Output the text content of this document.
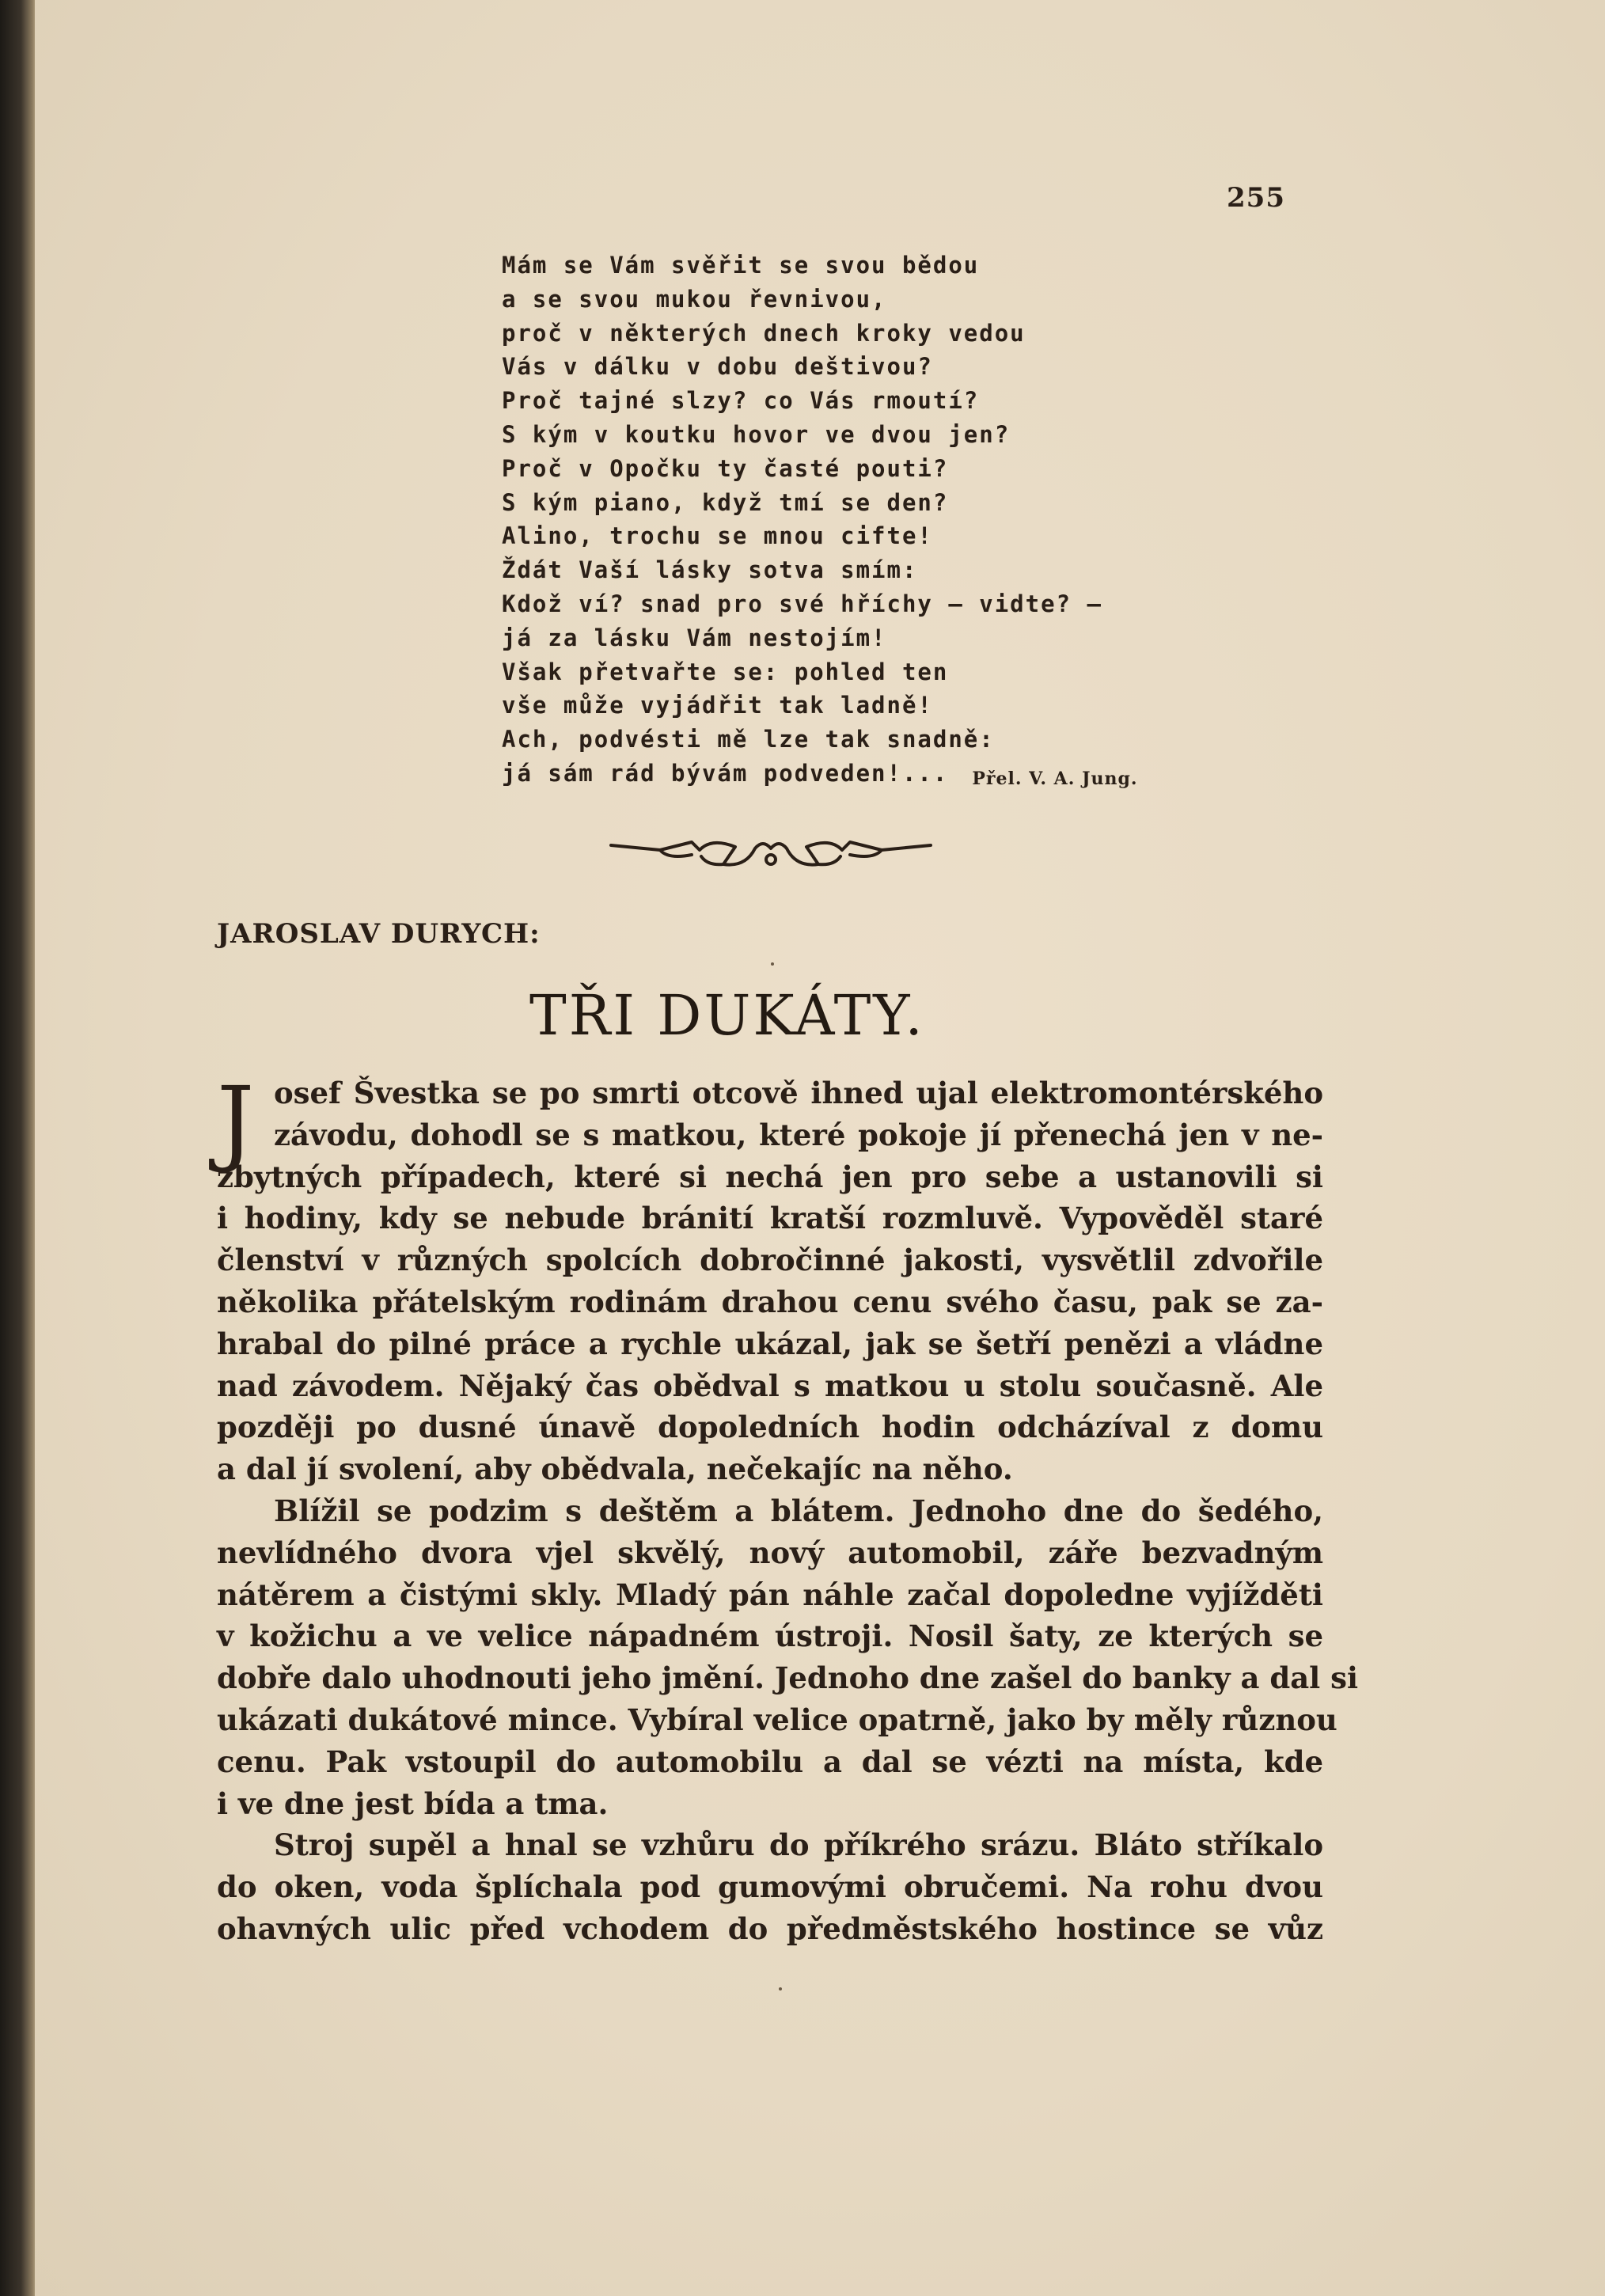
255
Mám se Vám svěřit se svou bědou
a se svou mukou řevnivou,
proč v některých dnech kroky vedou
Vás v dálku v dobu deštivou?
Proč tajné slzy? co Vás rmoutí?
S kým v koutku hovor ve dvou jen?
Proč v Opočku ty časté pouti?
S kým piano, když tmí se den?
Alino, trochu se mnou cifte!
Ždát Vaší lásky sotva smím:
Kdož ví? snad pro své hříchy — vidte? —
já za lásku Vám nestojím!
Však přetvařte se: pohled ten
vše může vyjádřit tak ladně!
Ach, podvésti mě lze tak snadně:
já sám rád bývám podveden!... Přel. V. A. Jung.
JAROSLAV DURYCH:
TŘI DUKÁTY.
J osef Švestka se po smrti otcově ihned ujal elektromontérského
závodu, dohodl se s matkou, které pokoje jí přenechá jen v ne-
zbytných případech, které si nechá jen pro sebe a ustanovili si
i hodiny, kdy se nebude bránití kratší rozmluvě. Vypověděl staré
členství v různých spolcích dobročinné jakosti, vysvětlil zdvořile
několika přátelským rodinám drahou cenu svého času, pak se za-
hrabal do pilné práce a rychle ukázal, jak se šetří penězi a vládne
nad závodem. Nějaký čas obědval s matkou u stolu současně. Ale
později po dusné únavě dopoledních hodin odcházíval z domu
a dal jí svolení, aby obědvala, nečekajíc na něho.
Blížil se podzim s deštěm a blátem. Jednoho dne do šedého,
nevlídného dvora vjel skvělý, nový automobil, záře bezvadným
nátěrem a čistými skly. Mladý pán náhle začal dopoledne vyjížděti
v kožichu a ve velice nápadném ústroji. Nosil šaty, ze kterých se
dobře dalo uhodnouti jeho jmění. Jednoho dne zašel do banky a dal si
ukázati dukátové mince. Vybíral velice opatrně, jako by měly různou
cenu. Pak vstoupil do automobilu a dal se vézti na místa, kde
i ve dne jest bída a tma.
Stroj supěl a hnal se vzhůru do příkrého srázu. Bláto stříkalo
do oken, voda šplíchala pod gumovými obručemi. Na rohu dvou
ohavných ulic před vchodem do předměstského hostince se vůz
